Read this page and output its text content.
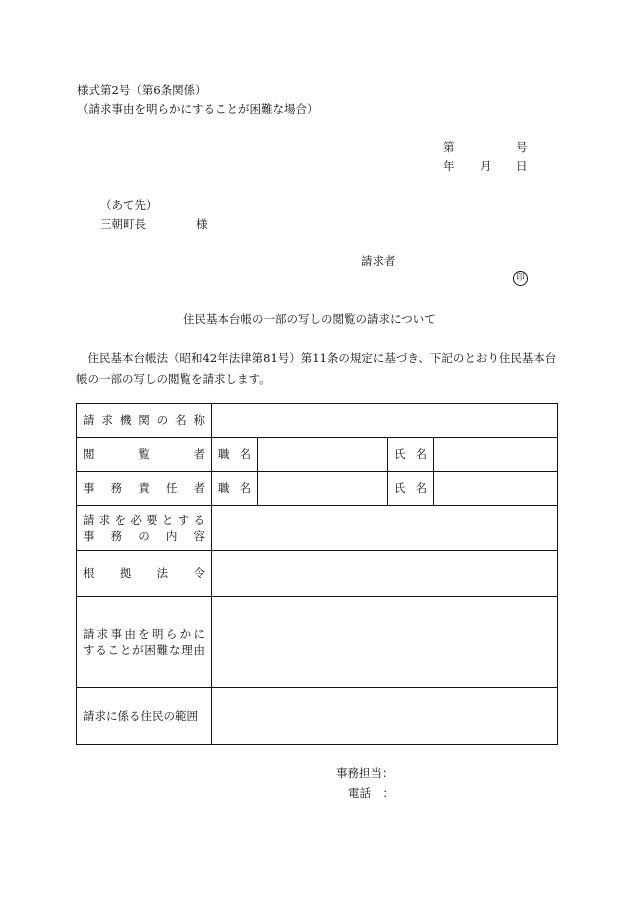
様式第2号（第6条関係）
（請求事由を明らかにすることが困難な場合）
第	号
年 月 日
（あて先）
三朝町長	様
請求者
印
住民基本台帳の一部の写しの閲覧の請求について
　住民基本台帳法（昭和42年法律第81号）第11条の規定に基づき、下記のとおり住民基本台帳の一部の写しの閲覧を請求します。
請求機関の名称				

閲覧者	職名		氏名	

事務責任者	職名		氏名	

請求を必要とする
事務の内容				

根拠法令				

請求事由を明らかに
することが困難な理由				

請求に係る住民の範囲				

事務担当：
電話　：
